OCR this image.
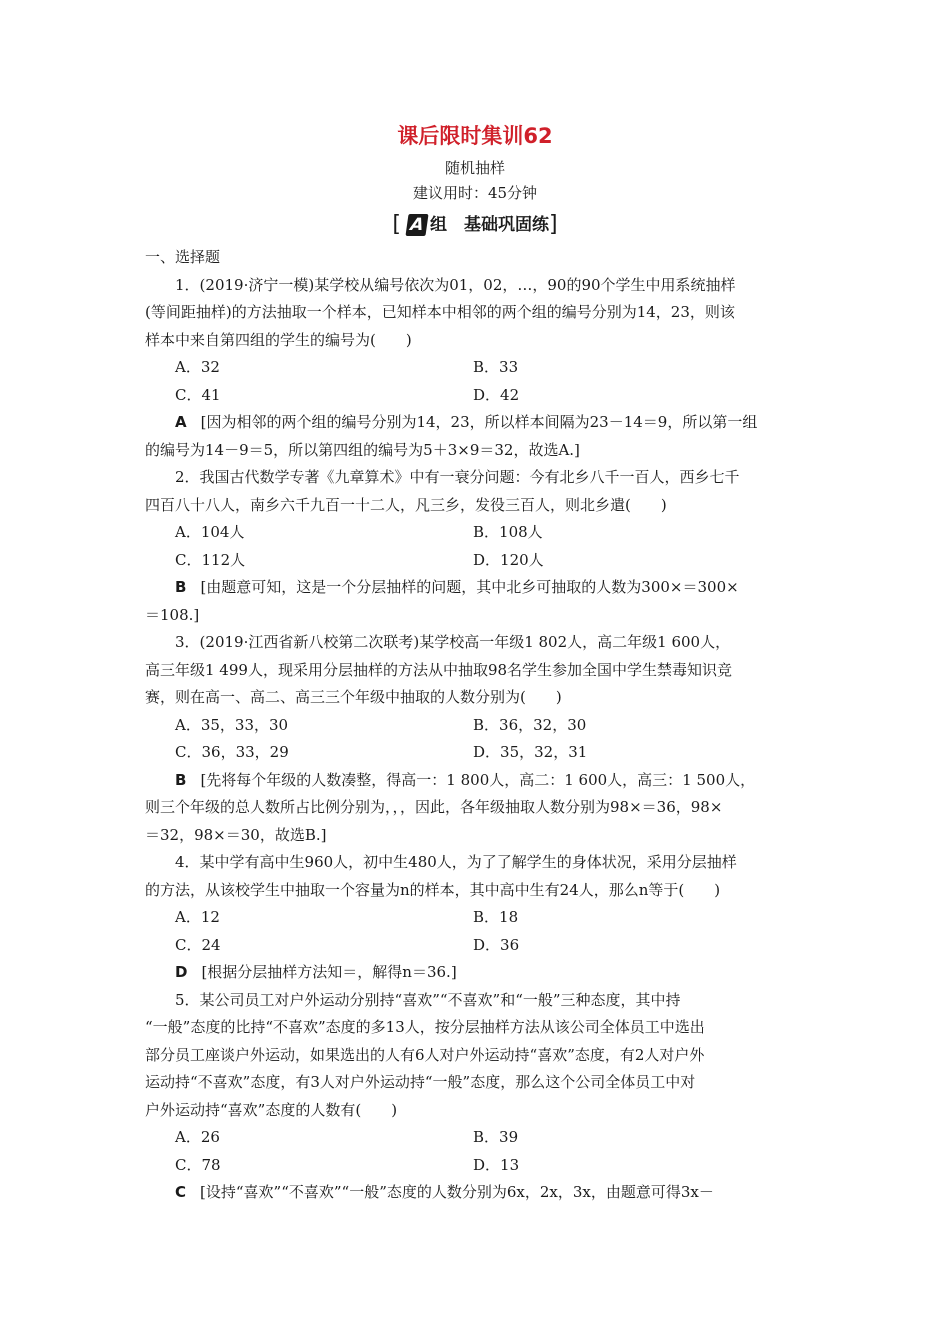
课后限时集训62
随机抽样
建议用时：45分钟
[ A 组　基础巩固练]
一、选择题
1．(2019·济宁一模)某学校从编号依次为01，02，…，90的90个学生中用系统抽样
(等间距抽样)的方法抽取一个样本，已知样本中相邻的两个组的编号分别为14，23，则该
样本中来自第四组的学生的编号为(　　)
A．32	B．33
C．41	D．42
A [因为相邻的两个组的编号分别为14，23，所以样本间隔为23－14＝9，所以第一组
的编号为14－9＝5，所以第四组的编号为5＋3×9＝32，故选A.]
2．我国古代数学专著《九章算术》中有一衰分问题：今有北乡八千一百人，西乡七千
四百八十八人，南乡六千九百一十二人，凡三乡，发役三百人，则北乡遣(　　)
A．104人	B．108人
C．112人	D．120人
B [由题意可知，这是一个分层抽样的问题，其中北乡可抽取的人数为300×＝300×
＝108.]
3．(2019·江西省新八校第二次联考)某学校高一年级1 802人，高二年级1 600人，
高三年级1 499人，现采用分层抽样的方法从中抽取98名学生参加全国中学生禁毒知识竞
赛，则在高一、高二、高三三个年级中抽取的人数分别为(　　)
A．35，33，30	B．36，32，30
C．36，33，29	D．35，32，31
B [先将每个年级的人数凑整，得高一：1 800人，高二：1 600人，高三：1 500人，
则三个年级的总人数所占比例分别为，，，因此，各年级抽取人数分别为98×＝36，98×
＝32，98×＝30，故选B.]
4．某中学有高中生960人，初中生480人，为了了解学生的身体状况，采用分层抽样
的方法，从该校学生中抽取一个容量为n的样本，其中高中生有24人，那么n等于(　　)
A．12	B．18
C．24	D．36
D [根据分层抽样方法知＝，解得n＝36.]
5．某公司员工对户外运动分别持“喜欢”“不喜欢”和“一般”三种态度，其中持
“一般”态度的比持“不喜欢”态度的多13人，按分层抽样方法从该公司全体员工中选出
部分员工座谈户外运动，如果选出的人有6人对户外运动持“喜欢”态度，有2人对户外
运动持“不喜欢”态度，有3人对户外运动持“一般”态度，那么这个公司全体员工中对
户外运动持“喜欢”态度的人数有(　　)
A．26	B．39
C．78	D．13
C [设持“喜欢”“不喜欢”“一般”态度的人数分别为6x，2x，3x，由题意可得3x－
